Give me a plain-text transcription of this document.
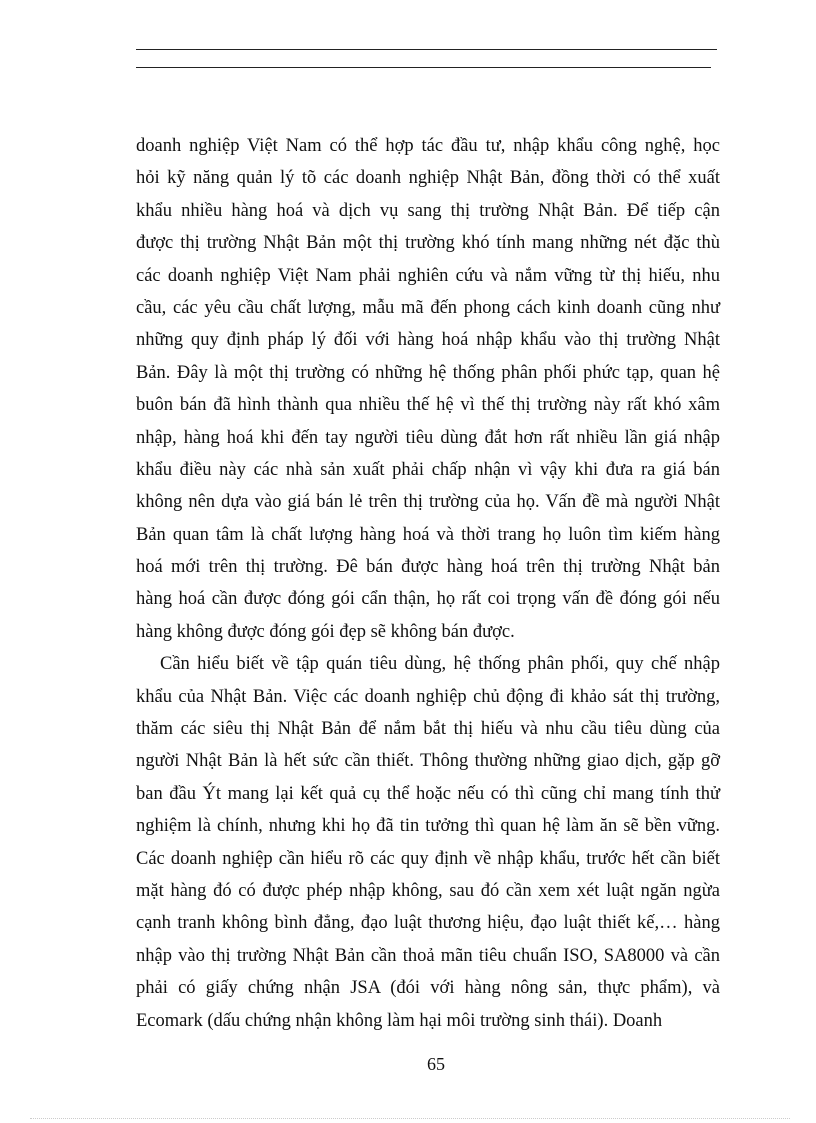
doanh nghiệp Việt Nam có thể hợp tác đầu tư, nhập khẩu công nghệ, học
hỏi kỹ năng quản lý tõ các doanh nghiệp Nhật Bản, đồng thời có thể xuất
khẩu nhiều hàng hoá và dịch vụ sang thị trường Nhật Bản. Để tiếp cận
được thị trường Nhật Bản một thị trường khó tính mang những nét đặc thù
các doanh nghiệp Việt Nam phải nghiên cứu và nắm vững từ thị hiếu, nhu
cầu, các yêu cầu chất lượng, mẫu mã đến phong cách kinh doanh cũng như
những quy định pháp lý đối với hàng hoá nhập khẩu vào thị trường Nhật
Bản. Đây là một thị trường có những hệ thống phân phối phức tạp, quan hệ
buôn bán đã hình thành qua nhiều thế hệ vì thế thị trường này rất khó xâm
nhập, hàng hoá khi đến tay người tiêu dùng đắt hơn rất nhiều lần giá nhập
khẩu điều này các nhà sản xuất phải chấp nhận vì vậy khi đưa ra giá bán
không nên dựa vào giá bán lẻ trên thị trường của họ. Vấn đề mà người Nhật
Bản quan tâm là chất lượng hàng hoá và thời trang họ luôn tìm kiếm hàng
hoá mới trên thị trường. Đê bán được hàng hoá trên thị trường Nhật bản
hàng hoá cần được đóng gói cẩn thận, họ rất coi trọng vấn đề đóng gói nếu
hàng không được đóng gói đẹp sẽ không bán được.
Cần hiểu biết về tập quán tiêu dùng, hệ thống phân phối, quy chế nhập
khẩu của Nhật Bản. Việc các doanh nghiệp chủ động đi khảo sát thị trường,
thăm các siêu thị Nhật Bản để nắm bắt thị hiếu và nhu cầu tiêu dùng của
người Nhật Bản là hết sức cần thiết. Thông thường những giao dịch, gặp gỡ
ban đầu Ýt mang lại kết quả cụ thể hoặc nếu có thì cũng chỉ mang tính thử
nghiệm là chính, nhưng khi họ đã tin tưởng thì quan hệ làm ăn sẽ bền vững.
Các doanh nghiệp cần hiểu rõ các quy định về nhập khẩu, trước hết cần biết
mặt hàng đó có được phép nhập không, sau đó cần xem xét luật ngăn ngừa
cạnh tranh không bình đẳng, đạo luật thương hiệu, đạo luật thiết kế,… hàng
nhập vào thị trường Nhật Bản cần thoả mãn tiêu chuẩn ISO, SA8000 và cần
phải có giấy chứng nhận JSA (đói với hàng nông sản, thực phẩm), và
Ecomark (dấu chứng nhận không làm hại môi trường sinh thái). Doanh
65
